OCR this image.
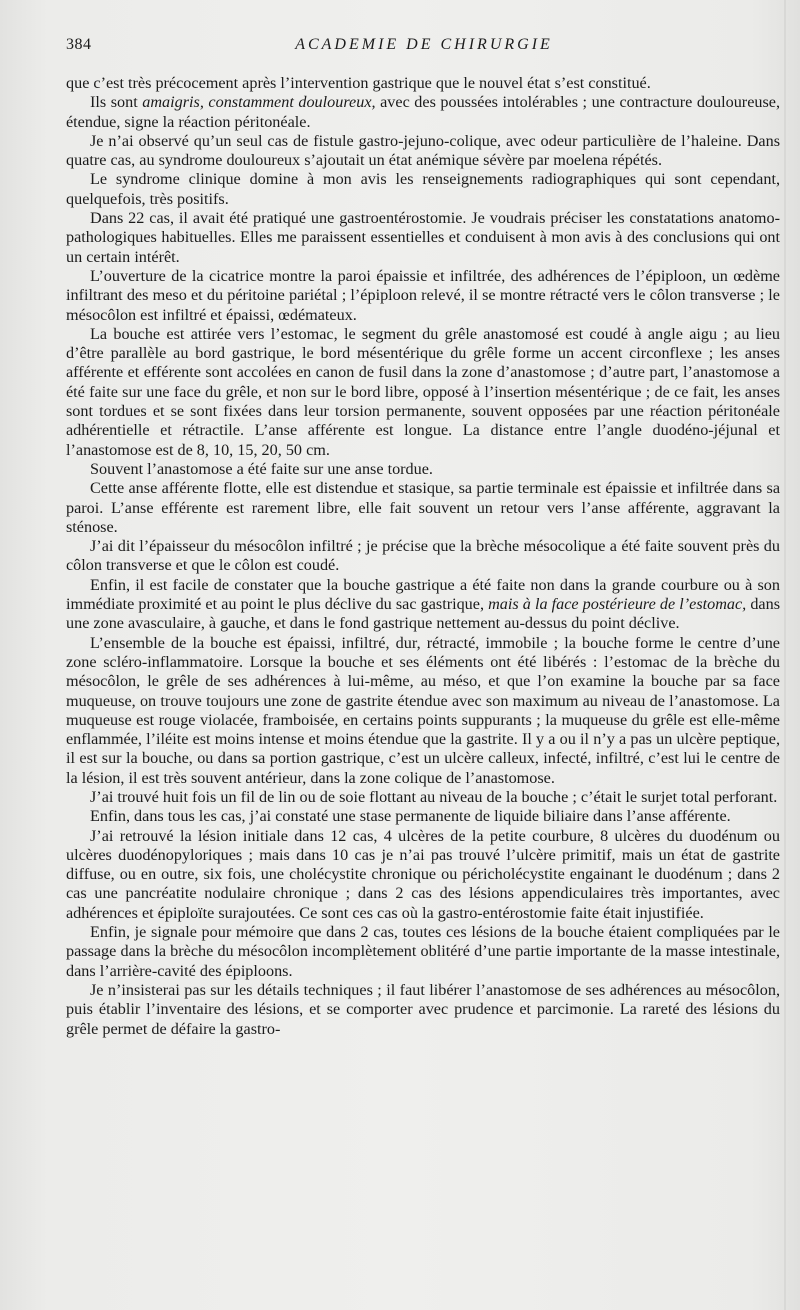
384	ACADEMIE DE CHIRURGIE

que c’est très précocement après l’intervention gastrique que le nouvel état s’est constitué.

Ils sont amaigris, constamment douloureux, avec des poussées intolérables ; une contracture douloureuse, étendue, signe la réaction péritonéale.

Je n’ai observé qu’un seul cas de fistule gastro-jejuno-colique, avec odeur particulière de l’haleine. Dans quatre cas, au syndrome douloureux s’ajoutait un état anémique sévère par moelena répétés.

Le syndrome clinique domine à mon avis les renseignements radiographiques qui sont cependant, quelquefois, très positifs.

Dans 22 cas, il avait été pratiqué une gastroentérostomie. Je voudrais préciser les constatations anatomo-pathologiques habituelles. Elles me paraissent essentielles et conduisent à mon avis à des conclusions qui ont un certain intérêt.

L’ouverture de la cicatrice montre la paroi épaissie et infiltrée, des adhérences de l’épiploon, un œdème infiltrant des meso et du péritoine pariétal ; l’épiploon relevé, il se montre rétracté vers le côlon transverse ; le mésocôlon est infiltré et épaissi, œdémateux.

La bouche est attirée vers l’estomac, le segment du grêle anastomosé est coudé à angle aigu ; au lieu d’être parallèle au bord gastrique, le bord mésentérique du grêle forme un accent circonflexe ; les anses afférente et efférente sont accolées en canon de fusil dans la zone d’anastomose ; d’autre part, l’anastomose a été faite sur une face du grêle, et non sur le bord libre, opposé à l’insertion mésentérique ; de ce fait, les anses sont tordues et se sont fixées dans leur torsion permanente, souvent opposées par une réaction péritonéale adhérentielle et rétractile. L’anse afférente est longue. La distance entre l’angle duodéno-jéjunal et l’anastomose est de 8, 10, 15, 20, 50 cm.

Souvent l’anastomose a été faite sur une anse tordue.

Cette anse afférente flotte, elle est distendue et stasique, sa partie terminale est épaissie et infiltrée dans sa paroi. L’anse efférente est rarement libre, elle fait souvent un retour vers l’anse afférente, aggravant la sténose.

J’ai dit l’épaisseur du mésocôlon infiltré ; je précise que la brèche mésocolique a été faite souvent près du côlon transverse et que le côlon est coudé.

Enfin, il est facile de constater que la bouche gastrique a été faite non dans la grande courbure ou à son immédiate proximité et au point le plus déclive du sac gastrique, mais à la face postérieure de l’estomac, dans une zone avasculaire, à gauche, et dans le fond gastrique nettement au-dessus du point déclive.

L’ensemble de la bouche est épaissi, infiltré, dur, rétracté, immobile ; la bouche forme le centre d’une zone scléro-inflammatoire. Lorsque la bouche et ses éléments ont été libérés : l’estomac de la brèche du mésocôlon, le grêle de ses adhérences à lui-même, au méso, et que l’on examine la bouche par sa face muqueuse, on trouve toujours une zone de gastrite étendue avec son maximum au niveau de l’anastomose. La muqueuse est rouge violacée, framboisée, en certains points suppurants ; la muqueuse du grêle est elle-même enflammée, l’iléite est moins intense et moins étendue que la gastrite. Il y a ou il n’y a pas un ulcère peptique, il est sur la bouche, ou dans sa portion gastrique, c’est un ulcère calleux, infecté, infiltré, c’est lui le centre de la lésion, il est très souvent antérieur, dans la zone colique de l’anastomose.

J’ai trouvé huit fois un fil de lin ou de soie flottant au niveau de la bouche ; c’était le surjet total perforant.

Enfin, dans tous les cas, j’ai constaté une stase permanente de liquide biliaire dans l’anse afférente.

J’ai retrouvé la lésion initiale dans 12 cas, 4 ulcères de la petite courbure, 8 ulcères du duodénum ou ulcères duodénopyloriques ; mais dans 10 cas je n’ai pas trouvé l’ulcère primitif, mais un état de gastrite diffuse, ou en outre, six fois, une cholécystite chronique ou péricholécystite engainant le duodénum ; dans 2 cas une pancréatite nodulaire chronique ; dans 2 cas des lésions appendiculaires très importantes, avec adhérences et épiploïte surajoutées. Ce sont ces cas où la gastro-entérostomie faite était injustifiée.

Enfin, je signale pour mémoire que dans 2 cas, toutes ces lésions de la bouche étaient compliquées par le passage dans la brèche du mésocôlon incomplètement oblitéré d’une partie importante de la masse intestinale, dans l’arrière-cavité des épiploons.

Je n’insisterai pas sur les détails techniques ; il faut libérer l’anastomose de ses adhérences au mésocôlon, puis établir l’inventaire des lésions, et se comporter avec prudence et parcimonie. La rareté des lésions du grêle permet de défaire la gastro-
